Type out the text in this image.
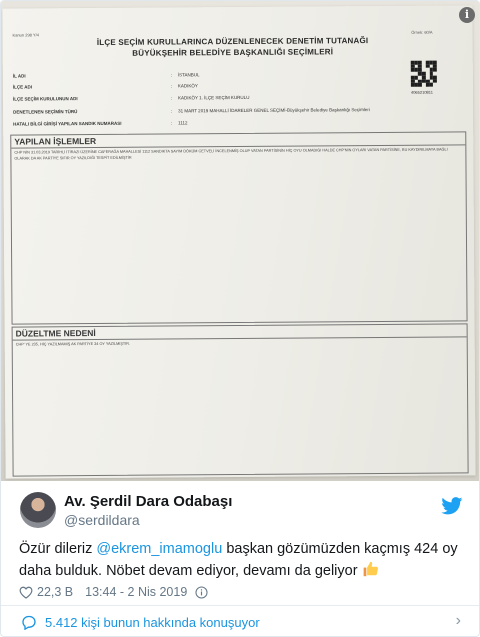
Kanun 298 Y/4
Örnek: 60/A
İLÇE SEÇİM KURULLARINCA DÜZENLENECEK DENETİM TUTANAĞI
BÜYÜKŞEHİR BELEDİYE BAŞKANLIĞI SEÇİMLERİ
4065210811
İL ADI	: İSTANBUL
İLÇE ADI	: KADIKÖY
İLÇE SEÇİM KURULUNUN ADI	: KADIKÖY 1. İLÇE SEÇİM KURULU
DENETLENEN SEÇİMİN TÜRÜ	: 31 MART 2019 MAHALLİ İDARELER GENEL SEÇİMİ-Büyükşehir Belediye Başkanlığı Seçimleri
HATALI BİLGİ GİRİŞİ YAPILAN SANDIK NUMARASI	: 1112
YAPILAN İŞLEMLER
CHP NİN 31.03.2019 TARİHLİ İTİRAZI ÜZERİNE CAFERAĞA MAHALLESİ 1112 SANDIKTA SAYIM DÖKÜM CETVELİ İNCELENMİŞ OLUP VATAN PARTİSİNİN HİÇ OYU OLMADIĞI HALDE CHP'NİN OYLARI VATAN PARTİSİNE, BU KAYDIRILMAYA BAĞLI OLARAK DA AK PARTİYE SIFIR OY YAZILDIĞI TESPİT EDİLMİŞTİR
DÜZELTME NEDENİ
CHP' YE 235, HİÇ YAZILMAMIŞ AK PARTİYE 34 OY YAZILMIŞTIR.
i
Av. Şerdil Dara Odabaşı
@serdildara
Özür dileriz @ekrem_imamoglu başkan gözümüzden kaçmış 424 oy daha bulduk. Nöbet devam ediyor, devamı da geliyor
22,3 B 13:44 - 2 Nis 2019
5.412 kişi bunun hakkında konuşuyor	›
